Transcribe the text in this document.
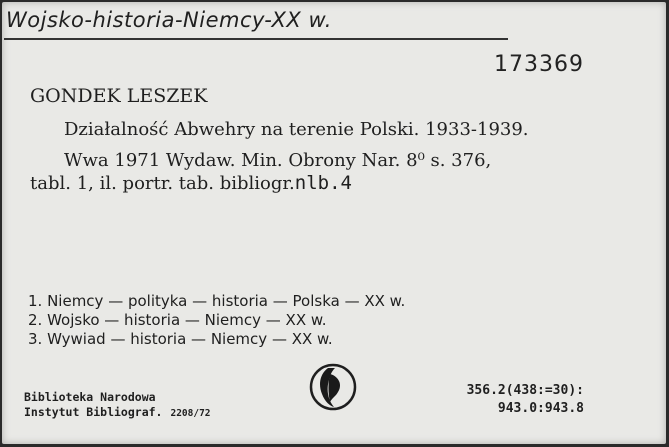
Wojsko-historia-Niemcy-XX w.
173369
GONDEK LESZEK
Działalność Abwehry na terenie Polski. 1933-1939.
Wwa 1971 Wydaw. Min. Obrony Nar. 8⁰ s. 376,
tabl. 1, il. portr. tab. bibliogr.nlb.4
1. Niemcy — polityka — historia — Polska — XX w.
2. Wojsko — historia — Niemcy — XX w.
3. Wywiad — historia — Niemcy — XX w.
Biblioteka Narodowa
Instytut Bibliograf. 2208/72
356.2(438:=30):
943.0:943.8
